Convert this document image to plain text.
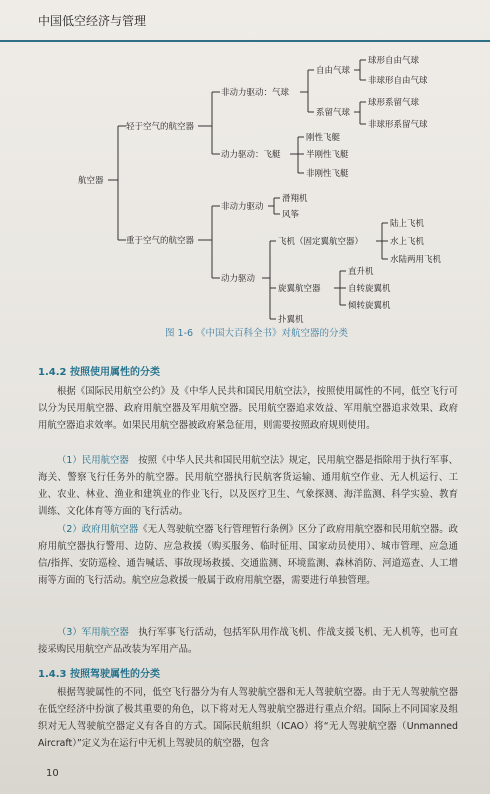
中国低空经济与管理
航空器
轻于空气的航空器
非动力驱动：气球
自由气球
系留气球
球形自由气球
非球形自由气球
球形系留气球
非球形系留气球
动力驱动：飞艇
刚性飞艇
半刚性飞艇
非刚性飞艇
重于空气的航空器
非动力驱动
滑翔机
风筝
动力驱动
飞机（固定翼航空器）
旋翼航空器
扑翼机
陆上飞机
水上飞机
水陆两用飞机
直升机
自转旋翼机
倾转旋翼机
图 1-6 《中国大百科全书》对航空器的分类
1.4.2 按照使用属性的分类

根据《国际民用航空公约》及《中华人民共和国民用航空法》，按照使用属性的不同，低空飞行可以分为民用航空器、政府用航空器及军用航空器。民用航空器追求效益、军用航空器追求效果、政府用航空器追求效率。如果民用航空器被政府紧急征用，则需要按照政府规则使用。

（1）民用航空器　按照《中华人民共和国民用航空法》规定，民用航空器是指除用于执行军事、海关、警察飞行任务外的航空器。民用航空器执行民航客货运输、通用航空作业、无人机运行、工业、农业、林业、渔业和建筑业的作业飞行，以及医疗卫生、气象探测、海洋监测、科学实验、教育训练、文化体育等方面的飞行活动。

（2）政府用航空器《无人驾驶航空器飞行管理暂行条例》区分了政府用航空器和民用航空器。政府用航空器执行警用、边防、应急救援（购买服务、临时征用、国家动员使用）、城市管理、应急通信/指挥、安防巡检、通告喊话、事故现场救援、交通监测、环境监测、森林消防、河道巡查、人工增雨等方面的飞行活动。航空应急救援一般属于政府用航空器，需要进行单独管理。

（3）军用航空器　执行军事飞行活动，包括军队用作战飞机、作战支援飞机、无人机等，也可直接采购民用航空产品改装为军用产品。

1.4.3 按照驾驶属性的分类

根据驾驶属性的不同，低空飞行器分为有人驾驶航空器和无人驾驶航空器。由于无人驾驶航空器在低空经济中扮演了极其重要的角色，以下将对无人驾驶航空器进行重点介绍。国际上不同国家及组织对无人驾驶航空器定义有各自的方式。国际民航组织（ICAO）将“无人驾驶航空器（Unmanned Aircraft）”定义为在运行中无机上驾驶员的航空器，包含

10
